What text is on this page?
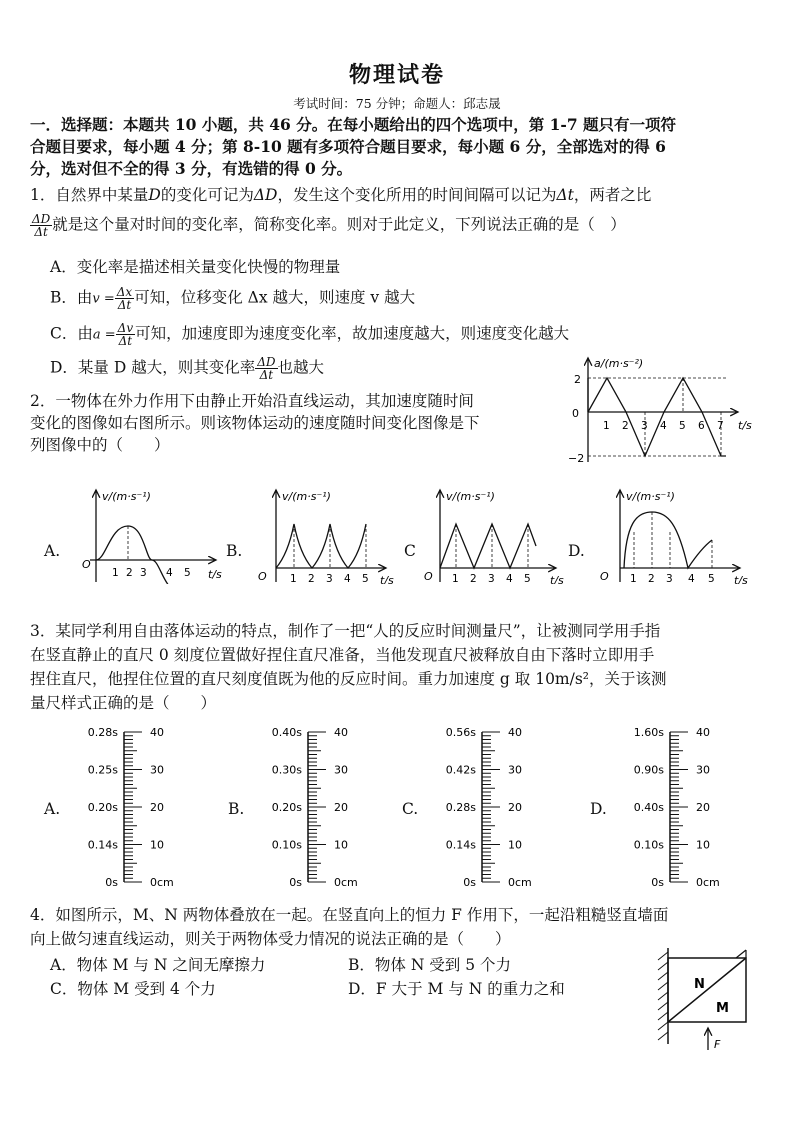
物理试卷
考试时间：75 分钟；命题人：邱志晟
一．选择题：本题共 10 小题，共 46 分。在每小题给出的四个选项中，第 1-7 题只有一项符
合题目要求，每小题 4 分；第 8-10 题有多项符合题目要求，每小题 6 分，全部选对的得 6
分，选对但不全的得 3 分，有选错的得 0 分。
1．自然界中某量D的变化可记为ΔD，发生这个变化所用的时间间隔可以记为Δt，两者之比
$\frac{\Delta D}{\Delta t}$ 就是这个量对时间的变化率，简称变化率。则对于此定义，下列说法正确的是（　）
A．变化率是描述相关量变化快慢的物理量
B．由$v = \frac{\Delta x}{\Delta t}$ 可知，位移变化 Δx 越大，则速度 v 越大
C．由$a = \frac{\Delta v}{\Delta t}$ 可知，加速度即为速度变化率，故加速度越大，则速度变化越大
D．某量 D 越大，则其变化率 $\frac{\Delta D}{\Delta t}$ 也越大
2．一物体在外力作用下由静止开始沿直线运动，其加速度随时间
变化的图像如右图所示。则该物体运动的速度随时间变化图像是下
列图像中的（　　）
a/(m·s⁻²)
t/s
0
2
−2
1 2 3 4 5 6 7
A.	B.	C	D.
v/(m·s⁻¹)
O
t/s
1 2 3 4 5
v/(m·s⁻¹)
O	t/s
1 2 3 4 5
v/(m·s⁻¹)
O	t/s
1 2 3 4 5
v/(m·s⁻¹)
O	t/s
1 2 3 4 5
3．某同学利用自由落体运动的特点，制作了一把“人的反应时间测量尺”，让被测同学用手指
在竖直静止的直尺 0 刻度位置做好捏住直尺准备，当他发现直尺被释放自由下落时立即用手
捏住直尺，他捏住位置的直尺刻度值既为他的反应时间。重力加速度 g 取 10m/s²，关于该测
量尺样式正确的是（　　）
A.
0.28s	40
0.25s	30
0.20s	20
0.14s	10
0s	0cm
B.
0.40s	40
0.30s	30
0.20s	20
0.10s	10
0s	0cm
C.
0.56s	40
0.42s	30
0.28s	20
0.14s	10
0s	0cm
D.
1.60s	40
0.90s	30
0.40s	20
0.10s	10
0s	0cm
4．如图所示，M、N 两物体叠放在一起。在竖直向上的恒力 F 作用下，一起沿粗糙竖直墙面
向上做匀速直线运动，则关于两物体受力情况的说法正确的是（　　）
A．物体 M 与 N 之间无摩擦力	B．物体 N 受到 5 个力
C．物体 M 受到 4 个力	D．F 大于 M 与 N 的重力之和	N
M
F
